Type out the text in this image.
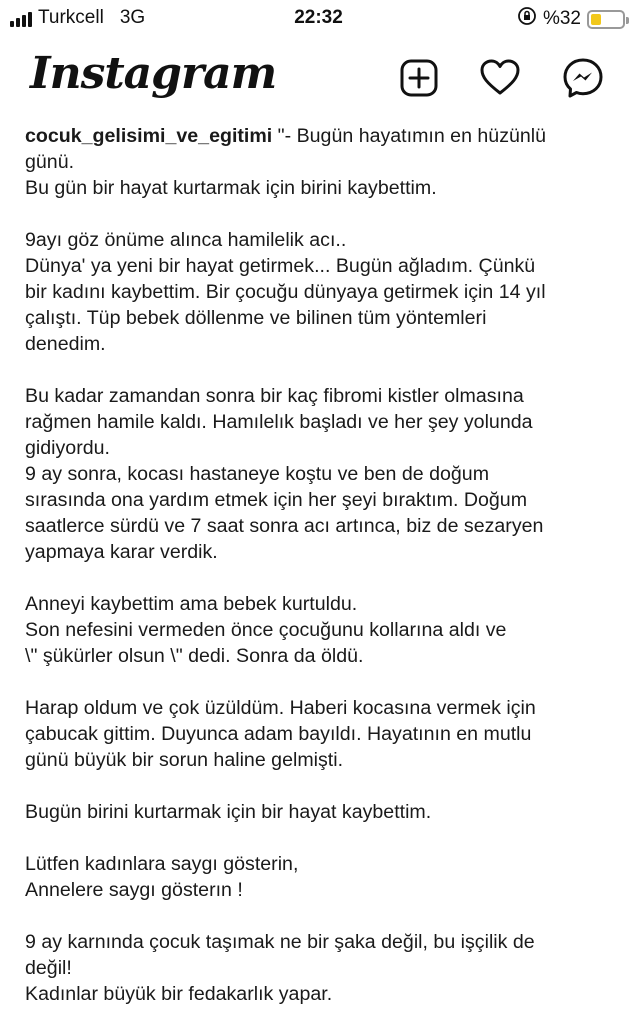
Turkcell 3G	22:32	%32
Instagram

cocuk_gelisimi_ve_egitimi "- Bugün hayatımın en hüzünlü

günü.

Bu gün bir hayat kurtarmak için birini kaybettim.

9ayı göz önüme alınca hamilelik acı..

Dünya' ya yeni bir hayat getirmek... Bugün ağladım. Çünkü

bir kadını kaybettim. Bir çocuğu dünyaya getirmek için 14 yıl

çalıştı. Tüp bebek döllenme ve bilinen tüm yöntemleri

denedim.

Bu kadar zamandan sonra bir kaç fibromi kistler olmasına

rağmen hamile kaldı. Hamılelık başladı ve her şey yolunda

gidiyordu.

9 ay sonra, kocası hastaneye koştu ve ben de doğum

sırasında ona yardım etmek için her şeyi bıraktım. Doğum

saatlerce sürdü ve 7 saat sonra acı artınca, biz de sezaryen

yapmaya karar verdik.

Anneyi kaybettim ama bebek kurtuldu.

Son nefesini vermeden önce çocuğunu kollarına aldı ve

\" şükürler olsun \" dedi. Sonra da öldü.

Harap oldum ve çok üzüldüm. Haberi kocasına vermek için

çabucak gittim. Duyunca adam bayıldı. Hayatının en mutlu

günü büyük bir sorun haline gelmişti.

Bugün birini kurtarmak için bir hayat kaybettim.

Lütfen kadınlara saygı gösterin,

Annelere saygı gösterın !

9 ay karnında çocuk taşımak ne bir şaka değil, bu işçilik de

değil!

Kadınlar büyük bir fedakarlık yapar.
